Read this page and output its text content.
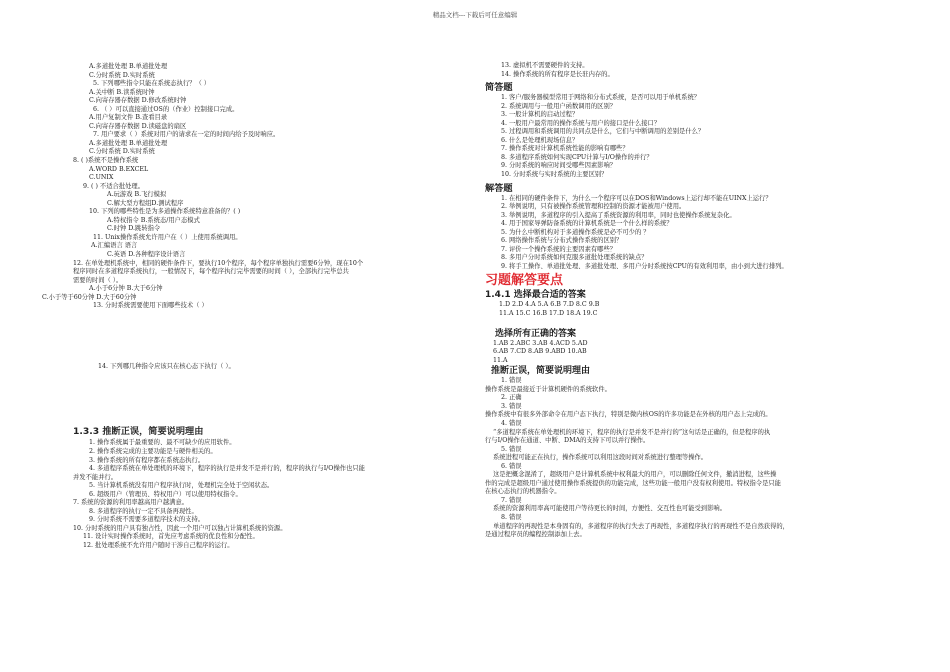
精品文档---下载后可任意编辑
A.多道批处理 B.单道批处理
C.分时系统 D.实时系统
5. 下列哪些指令只能在系统态执行？（ ）
A.关中断 B.读系统时钟
C.向寄存器存数据 D.修改系统时钟
6. （ ）可以直接通过OS的（作业）控制接口完成。
A.用户复制文件 B.查看目录
C.向寄存器存数据 D.读磁盘的扇区
7. 用户要求（ ）系统对用户的请求在一定的时间内给予及时响应。
A.多道批处理 B.单道批处理
C.分时系统 D.实时系统
8. ( )系统不是操作系统
A.WORD B.EXCEL
C.UNIX
9. ( ) 不适合批处理。
A.玩游戏 B.飞行模拟
C.解大型方程组D.测试程序
10. 下列的哪些特性是为多道操作系统特意准备的？( )
A.特权指令 B.系统态/用户态模式
C.时钟 D.跳转指令
11. Unix操作系统允许用户在（ ）上使用系统调用。
A.汇编语言 语言
C.英语 D.各种程序设计语言
12. 在单处理机系统中，相同的硬件条件下，要执行10个程序，每个程序单独执行需要6分钟，现在10个
程序同时在多道程序系统执行，一般情况下，每个程序执行完毕需要的时间（ ），全部执行完毕总共
需要的时间（ ）。
A.小于6分钟 B.大于6分钟
C.小于等于60分钟 D.大于60分钟
13. 分时系统需要使用下面哪些技术（ ）
14. 下列哪几种指令应该只在核心态下执行（ ）。
1.3.3 推断正误，简要说明理由
1. 操作系统属于最重要的、最不可缺少的应用软件。
2. 操作系统完成的主要功能是与硬件相关的。
3. 操作系统的所有程序都在系统态执行。
4. 多道程序系统在单处理机的环境下，程序的执行是并发不是并行的，程序的执行与I/O操作也只能
并发不能并行。
5. 当计算机系统没有用户程序执行时，处理机完全处于空闲状态。
6. 超级用户（管理员、特权用户）可以使用特权指令。
7. 系统的资源的利用率越高用户越满意。
8. 多道程序的执行一定不具备再现性。
9. 分时系统不需要多道程序技术的支持。
10. 分时系统的用户具有独占性，因此一个用户可以独占计算机系统的资源。
11. 设计实时操作系统时，首先应考虑系统的优良性和分配性。
12. 批处理系统不允许用户随时干涉自己程序的运行。
13. 虚拟机不需要硬件的支持。
14. 操作系统的所有程序是长驻内存的。
简答题
1. 客户/服务器模型常用于网络和分布式系统，是否可以用于单机系统？
2. 系统调用与一般用户函数调用的区别？
3. 一般计算机的启动过程？
4. 一般用户最常用的操作系统与用户的接口是什么接口？
5. 过程调用和系统调用的共同点是什么，它们与中断调用的差别是什么？
6. 什么是处理机现场信息？
7. 操作系统对计算机系统性能的影响有哪些？
8. 多道程序系统如何实现CPU计算与I/O操作的并行？
9. 分时系统的响应时间受哪些因素影响？
10. 分时系统与实时系统的主要区别？
解答题
1. 在相同的硬件条件下，为什么一个程序可以在DOS和Windows上运行却不能在UINX上运行？
2. 举例说明，只有被操作系统管理和控制的资源才能被用户使用。
3. 举例说明，多道程序的引入提高了系统资源的利用率，同时也使操作系统复杂化。
4. 用于国家导弹防备系统的计算机系统是一个什么样的系统？
5. 为什么中断机构对于多道操作系统是必不可少的 ？
6. 网络操作系统与分布式操作系统的区别？
7. 评价一个操作系统的主要因素有哪些？
8. 多用户分时系统如何克服多道批处理系统的缺点？
9. 将手工操作、单道批处理、多道批处理、多用户分时系统按CPU的有效利用率，由小到大进行排列。
习题解答要点
1.4.1 选择最合适的答案
1.D 2.D 4.A 5.A 6.B 7.D 8.C 9.B
11.A 15.C 16.B 17.D 18.A 19.C
选择所有正确的答案
1.AB 2.ABC 3.AB 4.ACD 5.AD
6.AB 7.CD 8.AB 9.ABD 10.AB
11.A
推断正误，简要说明理由
1. 错误
操作系统是最接近于计算机硬件的系统软件。
2. 正确
3. 错误
操作系统中有很多外部命令在用户态下执行，特别是微内核OS的许多功能是在外核的用户态上完成的。
4. 错误
“多道程序系统在单处理机的环境下，程序的执行是并发不是并行的”这句话是正确的，但是程序的执
行与I/O操作在通道、中断、DMA的支持下可以并行操作。
5. 错误
系统进程可能正在执行，操作系统可以利用这段时间对系统进行整理等操作。
6. 错误
这是把概念混淆了，超级用户是计算机系统中权利最大的用户，可以删除任何文件，撤消进程，这些操
作的完成是超级用户通过使用操作系统提供的功能完成，这些功能一般用户没有权利使用。特权指令是只能
在核心态执行的机器指令。
7. 错误
系统的资源利用率高可能使用户等待更长的时间，方便性、交互性也可能受到影响。
8. 错误
单道程序的再现性是本身固有的，多道程序的执行失去了再现性，多道程序执行的再现性不是自然获得的，
是通过程序员的编程控制添加上去。
